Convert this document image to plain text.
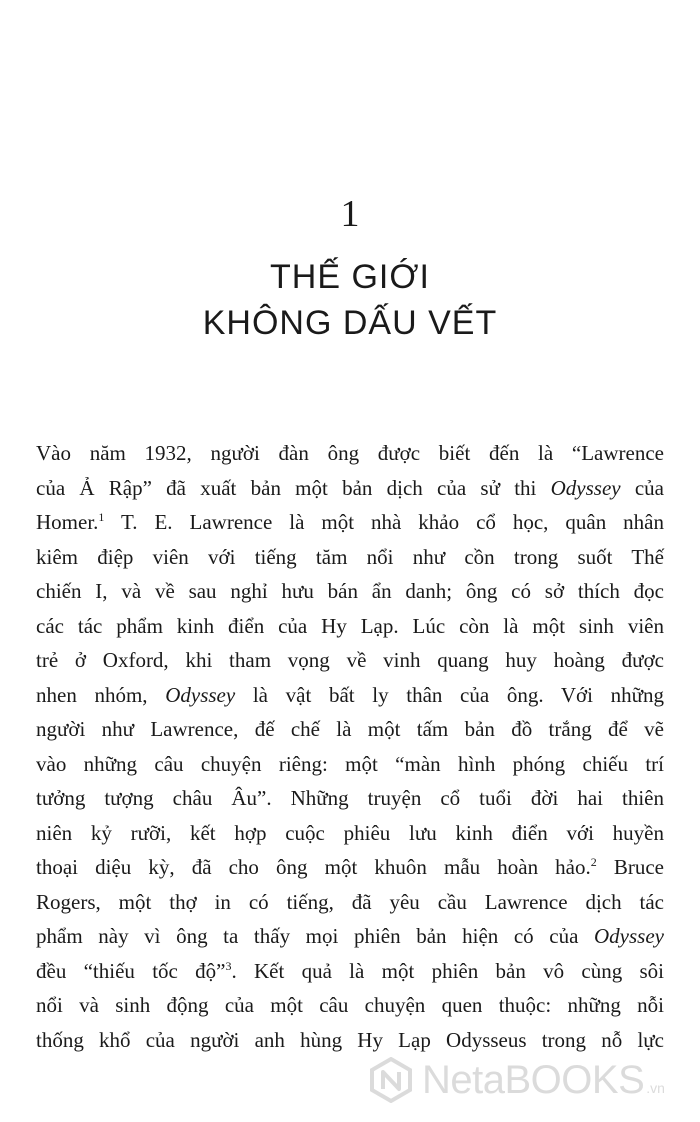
1
THẾ GIỚI
KHÔNG DẤU VẾT
Vào năm 1932, người đàn ông được biết đến là “Lawrence
của Ả Rập” đã xuất bản một bản dịch của sử thi Odyssey của
Homer.$^1$ T. E. Lawrence là một nhà khảo cổ học, quân nhân
kiêm điệp viên với tiếng tăm nổi như cồn trong suốt Thế
chiến I, và về sau nghỉ hưu bán ẩn danh; ông có sở thích đọc
các tác phẩm kinh điển của Hy Lạp. Lúc còn là một sinh viên
trẻ ở Oxford, khi tham vọng về vinh quang huy hoàng được
nhen nhóm, Odyssey là vật bất ly thân của ông. Với những
người như Lawrence, đế chế là một tấm bản đồ trắng để vẽ
vào những câu chuyện riêng: một “màn hình phóng chiếu trí
tưởng tượng châu Âu”. Những truyện cổ tuổi đời hai thiên
niên kỷ rưỡi, kết hợp cuộc phiêu lưu kinh điển với huyền
thoại diệu kỳ, đã cho ông một khuôn mẫu hoàn hảo.$^2$ Bruce
Rogers, một thợ in có tiếng, đã yêu cầu Lawrence dịch tác
phẩm này vì ông ta thấy mọi phiên bản hiện có của Odyssey
đều “thiếu tốc độ”$^3$. Kết quả là một phiên bản vô cùng sôi
nổi và sinh động của một câu chuyện quen thuộc: những nỗi
thống khổ của người anh hùng Hy Lạp Odysseus trong nỗ lực
NetaBOOKS .vn
